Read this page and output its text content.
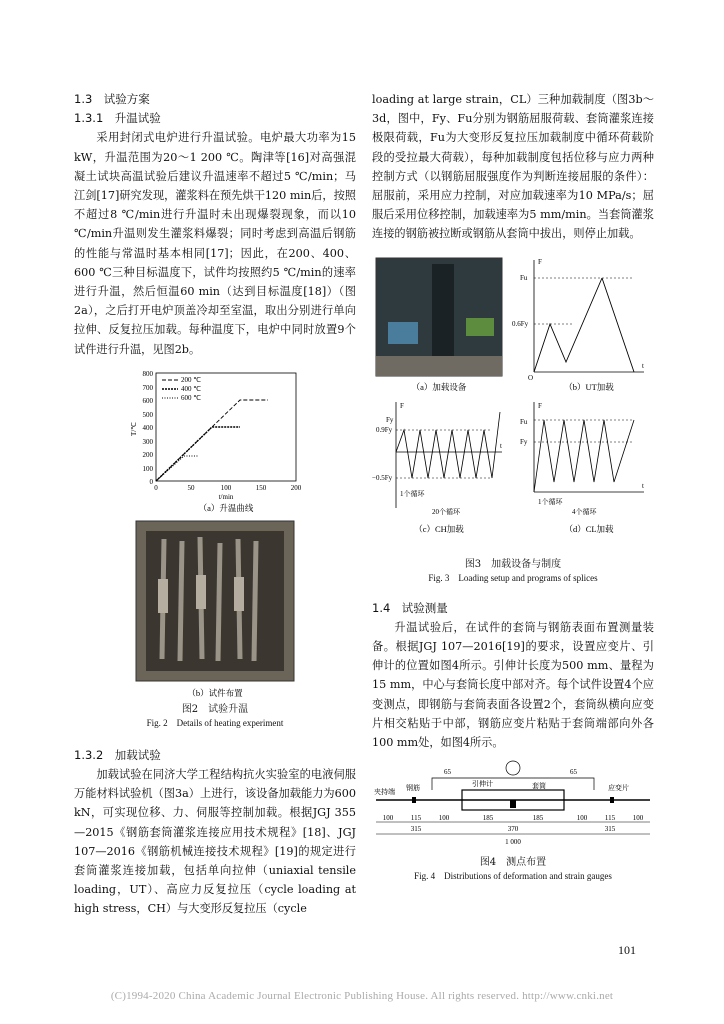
1.3　试验方案
1.3.1　升温试验

采用封闭式电炉进行升温试验。电炉最大功率为15 kW，升温范围为20～1 200 ℃。陶津等[16]对高强混凝土试块高温试验后建议升温速率不超过5 ℃/min；马江剑[17]研究发现，灌浆料在预先烘干120 min后，按照不超过8 ℃/min进行升温时未出现爆裂现象，而以10 ℃/min升温则发生灌浆料爆裂；同时考虑到高温后钢筋的性能与常温时基本相同[17]；因此，在200、400、600 ℃三种目标温度下，试件均按照约5 ℃/min的速率进行升温，然后恒温60 min（达到目标温度[18]）（图2a），之后打开电炉顶盖冷却至室温，取出分别进行单向拉伸、反复拉压加载。每种温度下，电炉中同时放置9个试件进行升温，见图2b。

0
100
200
300
400
500
600
700
800
0	50	100	150	200
T/℃
t/min
200 ℃
400 ℃
600 ℃
（a）升温曲线
（b）试件布置
图2　试验升温
Fig. 2　Details of heating experiment
1.3.2　加载试验

加载试验在同济大学工程结构抗火实验室的电液伺服万能材料试验机（图3a）上进行，该设备加载能力为600 kN，可实现位移、力、伺服等控制加载。根据JGJ 355—2015《钢筋套筒灌浆连接应用技术规程》[18]、JGJ 107—2016《钢筋机械连接技术规程》[19]的规定进行套筒灌浆连接加载，包括单向拉伸（uniaxial tensile loading，UT）、高应力反复拉压（cycle loading at high stress，CH）与大变形反复拉压（cycle

loading at large strain，CL）三种加载制度（图3b～3d，图中，Fy、Fu分别为钢筋屈服荷载、套筒灌浆连接极限荷载，Fu为大变形反复拉压加载制度中循环荷载阶段的受拉最大荷载），每种加载制度包括位移与应力两种控制方式（以钢筋屈服强度作为判断连接屈服的条件）：屈服前，采用应力控制，对应加载速率为10 MPa/s；屈服后采用位移控制，加载速率为5 mm/min。当套筒灌浆连接的钢筋被拉断或钢筋从套筒中拔出，则停止加载。

（a）加载设备
F
t
O
Fu
0.6Fy
（b）UT加载
F
t
Fy
0.9Fy
−0.5Fy
1个循环
20个循环
（c）CH加载
F
t
Fu
Fy
1个循环
4个循环
（d）CL加载
图3　加载设备与制度
Fig. 3　Loading setup and programs of splices
1.4　试验测量

升温试验后，在试件的套筒与钢筋表面布置测量装备。根据JGJ 107—2016[19]的要求，设置应变片、引伸计的位置如图4所示。引伸计长度为500 mm、量程为15 mm，中心与套筒长度中部对齐。每个试件设置4个应变测点，即钢筋与套筒表面各设置2个，套筒纵横向应变片相交粘贴于中部，钢筋应变片粘贴于套筒端部向外各100 mm处，如图4所示。

夹持端 钢筋	引伸计	套筒	应变片
65	65
100	115	100	185	185	100	115	100
315	370	315
1 000
图4　测点布置
Fig. 4　Distributions of deformation and strain gauges
101
(C)1994-2020 China Academic Journal Electronic Publishing House. All rights reserved. http://www.cnki.net
